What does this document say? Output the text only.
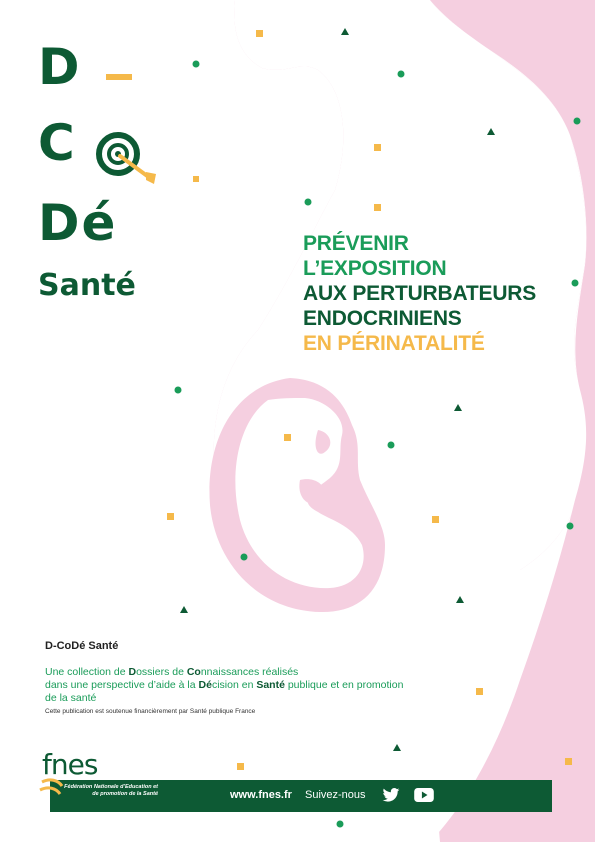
D
C
Dé
Santé
PRÉVENIR
L’EXPOSITION
AUX PERTURBATEURS
ENDOCRINIENS
EN PÉRINATALITÉ
D-CoDé Santé
Une collection de Dossiers de Connaissances réalisés
dans une perspective d’aide à la Décision en Santé publique et en promotion
de la santé
Cette publication est soutenue financièrement par Santé publique France
fnes
Fédération Nationale d’Education et de promotion de la Santé	www.fnes.fr Suivez-nous
